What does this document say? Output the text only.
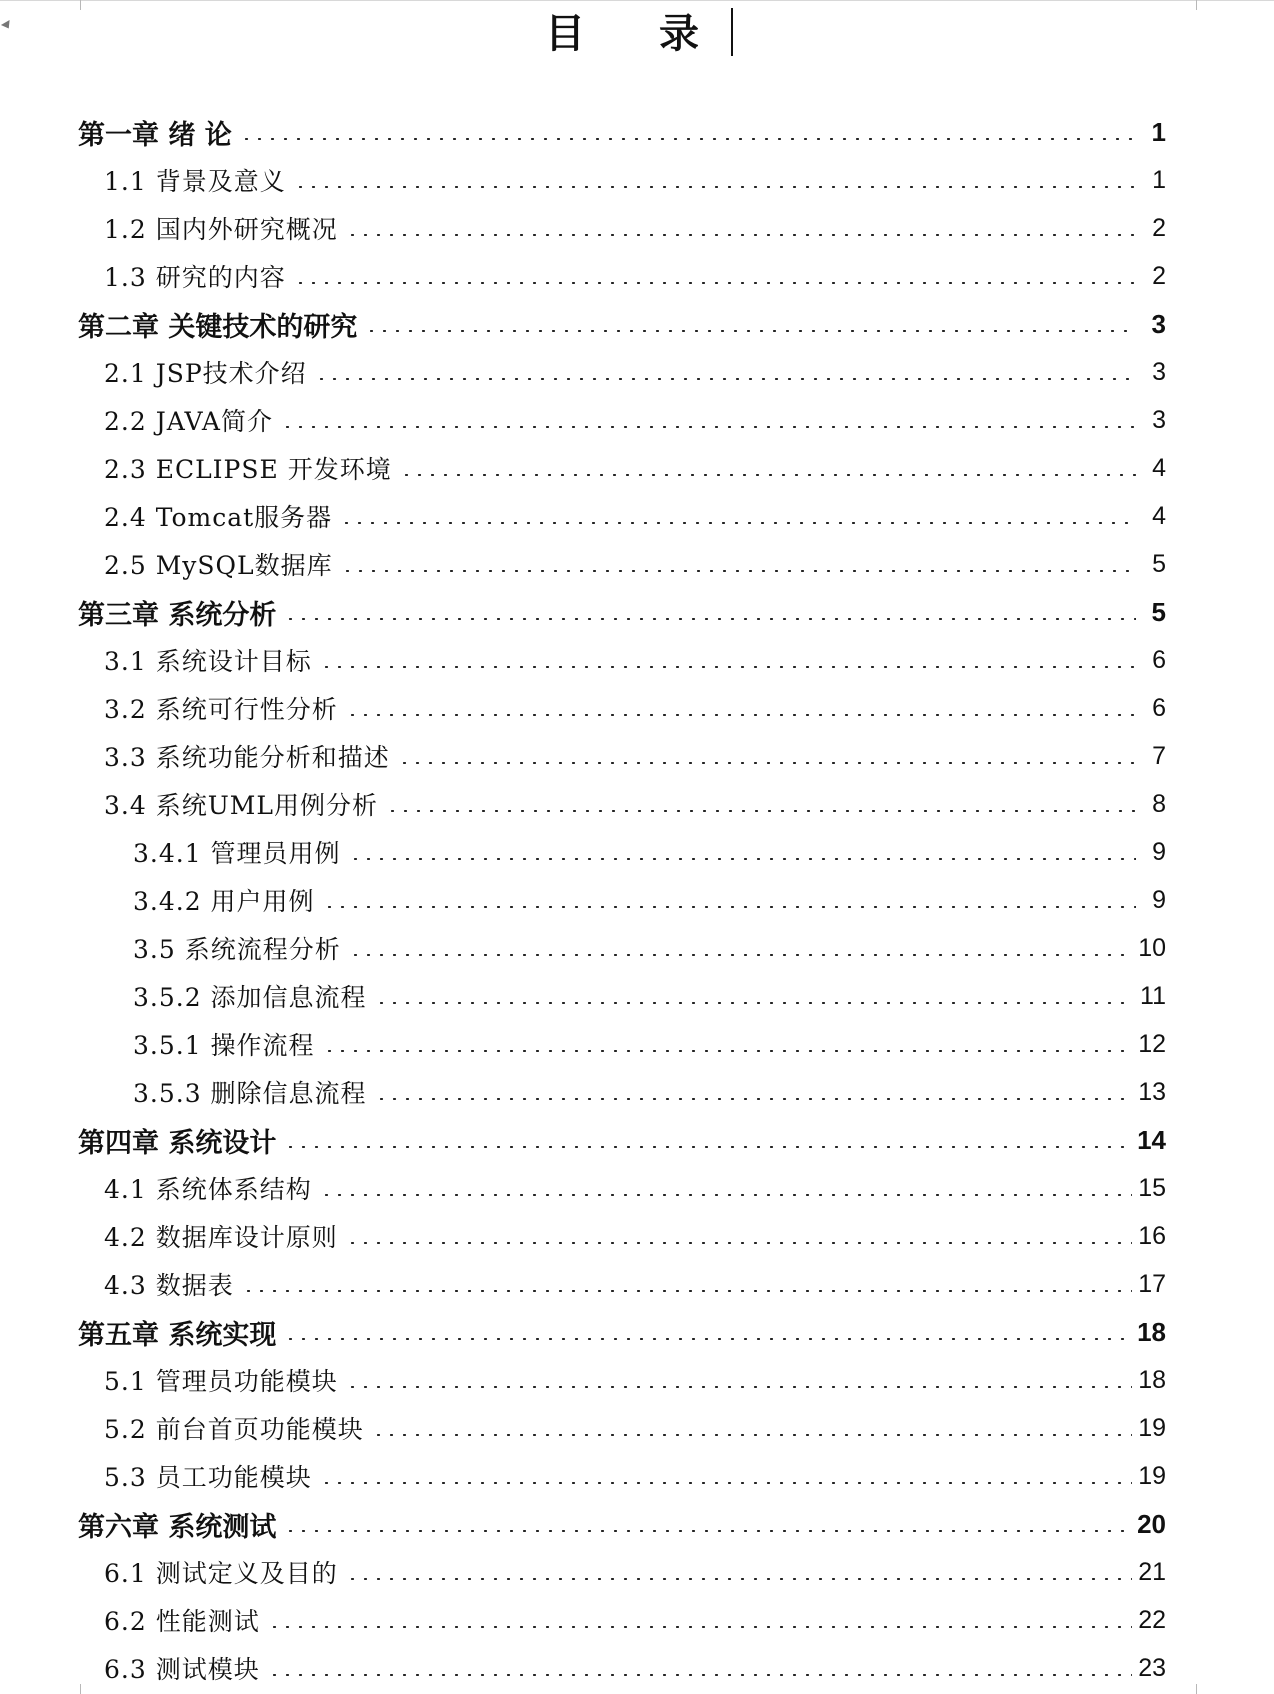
目 录
第一章 绪 论	1
1.1 背景及意义	1
1.2 国内外研究概况	2
1.3 研究的内容	2
第二章 关键技术的研究	3
2.1 JSP技术介绍	3
2.2 JAVA简介	3
2.3 ECLIPSE 开发环境	4
2.4 Tomcat服务器	4
2.5 MySQL数据库	5
第三章 系统分析	5
3.1 系统设计目标	6
3.2 系统可行性分析	6
3.3 系统功能分析和描述	7
3.4 系统UML用例分析	8
3.4.1 管理员用例	9
3.4.2 用户用例	9
3.5 系统流程分析	10
3.5.2 添加信息流程	11
3.5.1 操作流程	12
3.5.3 删除信息流程	13
第四章 系统设计	14
4.1 系统体系结构	15
4.2 数据库设计原则	16
4.3 数据表	17
第五章 系统实现	18
5.1 管理员功能模块	18
5.2 前台首页功能模块	19
5.3 员工功能模块	19
第六章 系统测试	20
6.1 测试定义及目的	21
6.2 性能测试	22
6.3 测试模块	23
